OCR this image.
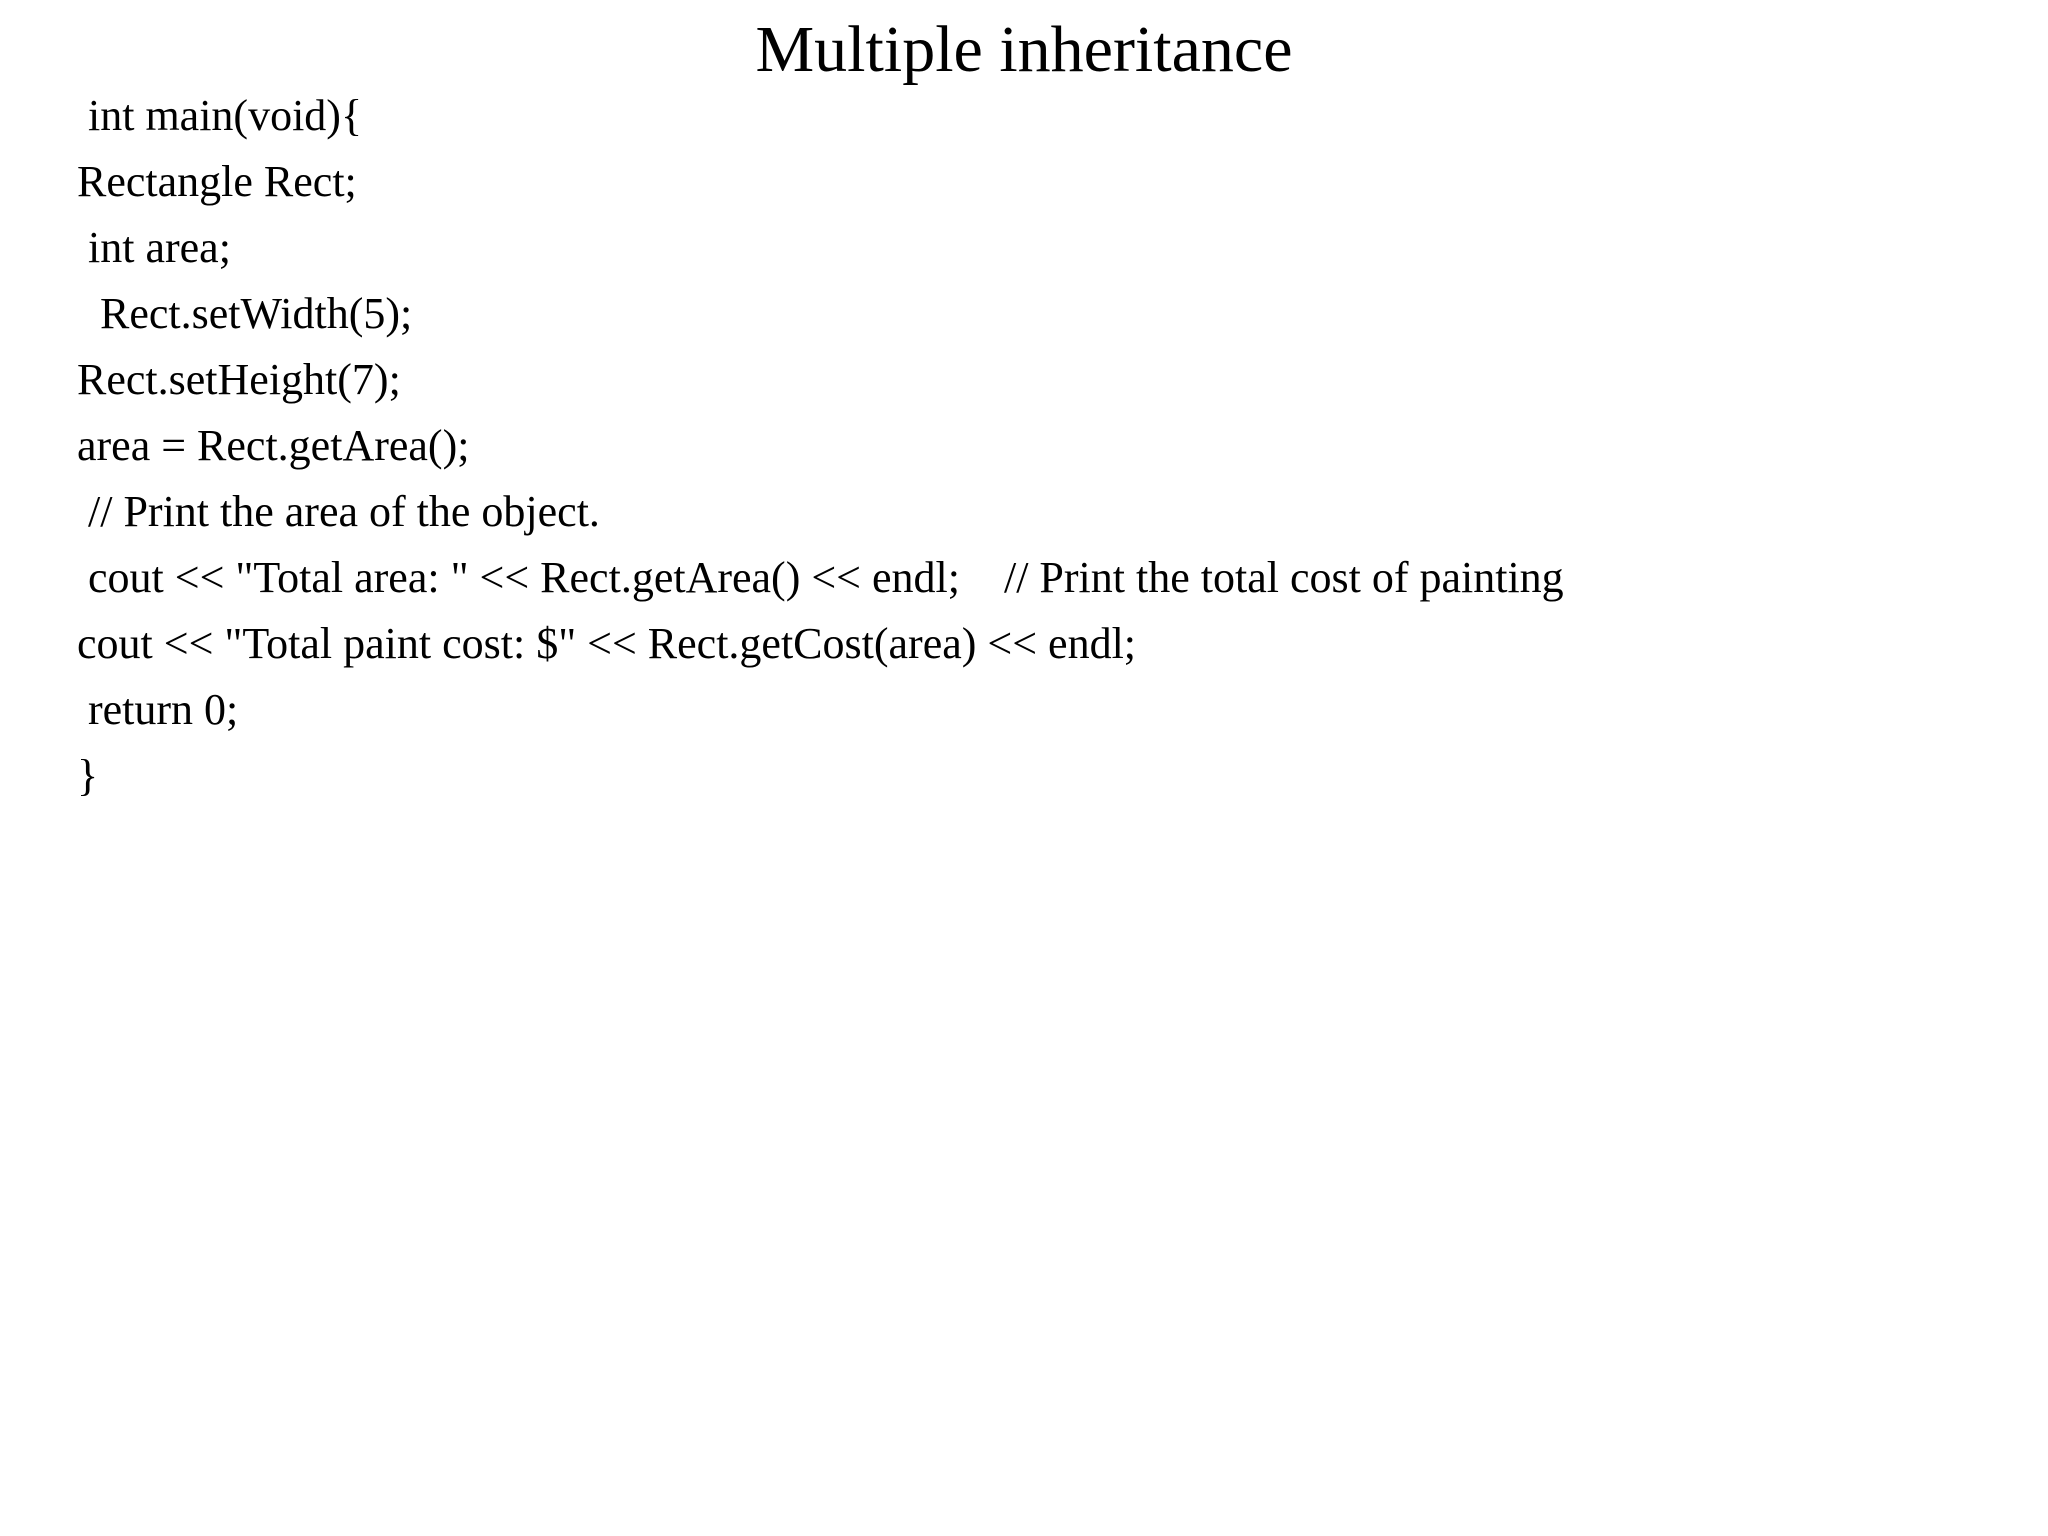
Multiple inheritance
int main(void){
Rectangle Rect;
int area;
Rect.setWidth(5);
Rect.setHeight(7);
area = Rect.getArea();
// Print the area of the object.
cout << "Total area: " << Rect.getArea() << endl;    // Print the total cost of painting
cout << "Total paint cost: $" << Rect.getCost(area) << endl;
return 0;
}
